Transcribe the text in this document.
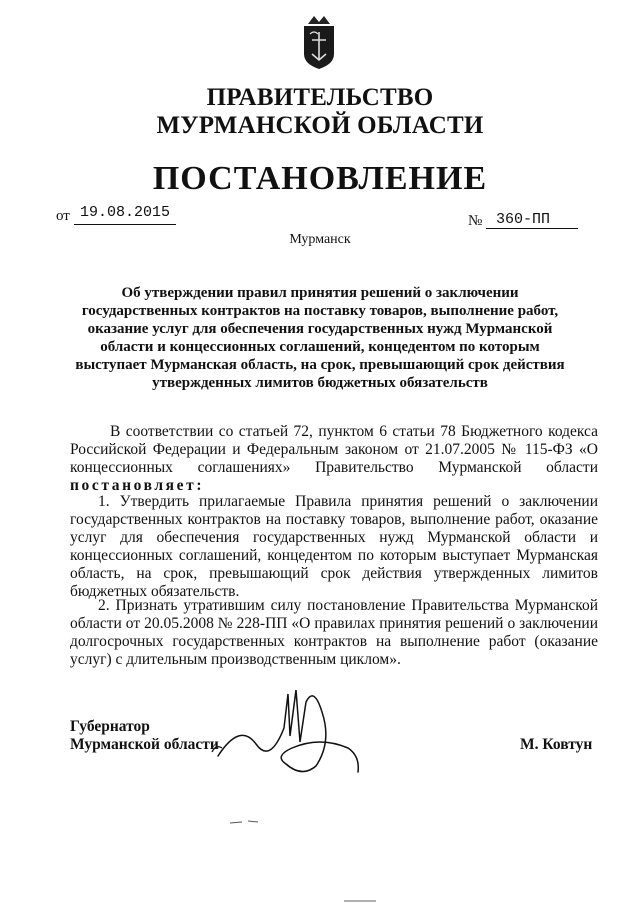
ПРАВИТЕЛЬСТВО
МУРМАНСКОЙ ОБЛАСТИ
ПОСТАНОВЛЕНИЕ
от 19.08.2015	№ 360-ПП
Мурманск
Об утверждении правил принятия решений о заключении государственных контрактов на поставку товаров, выполнение работ, оказание услуг для обеспечения государственных нужд Мурманской области и концессионных соглашений, концедентом по которым выступает Мурманская область, на срок, превышающий срок действия утвержденных лимитов бюджетных обязательств
В соответствии со статьей 72, пунктом 6 статьи 78 Бюджетного кодекса Российской Федерации и Федеральным законом от 21.07.2005 № 115-ФЗ «О концессионных соглашениях» Правительство Мурманской области постановляет:
1. Утвердить прилагаемые Правила принятия решений о заключении государственных контрактов на поставку товаров, выполнение работ, оказание услуг для обеспечения государственных нужд Мурманской области и концессионных соглашений, концедентом по которым выступает Мурманская область, на срок, превышающий срок действия утвержденных лимитов бюджетных обязательств.
2. Признать утратившим силу постановление Правительства Мурманской области от 20.05.2008 № 228-ПП «О правилах принятия решений о заключении долгосрочных государственных контрактов на выполнение работ (оказание услуг) с длительным производственным циклом».
Губернатор
Мурманской области	М. Ковтун
